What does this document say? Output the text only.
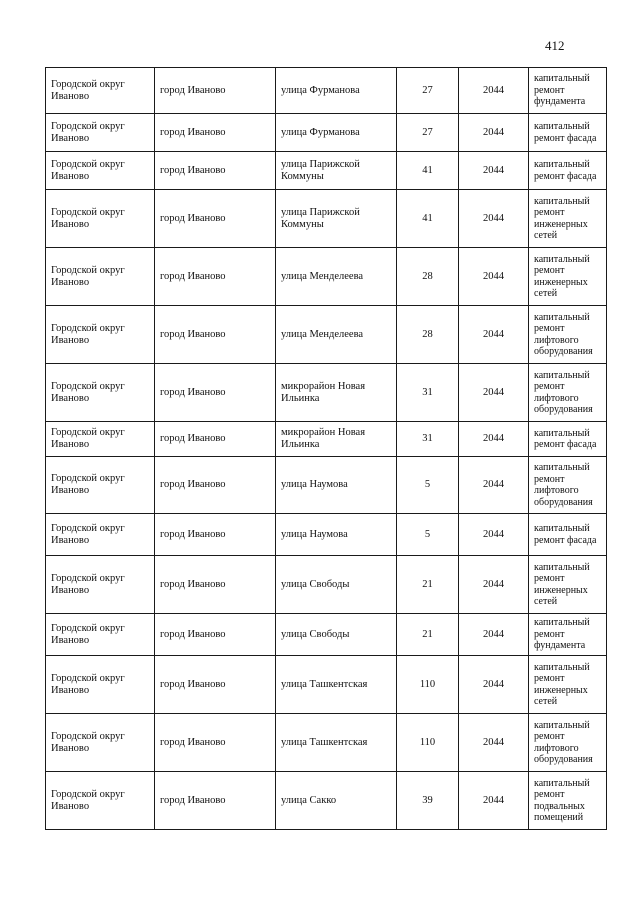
412
Городской округ Иваново	город Иваново	улица Фурманова	27	2044	капитальный ремонт фундамента
Городской округ Иваново	город Иваново	улица Фурманова	27	2044	капитальный ремонт фасада
Городской округ Иваново	город Иваново	улица Парижской Коммуны	41	2044	капитальный ремонт фасада
Городской округ Иваново	город Иваново	улица Парижской Коммуны	41	2044	капитальный ремонт инженерных сетей
Городской округ Иваново	город Иваново	улица Менделеева	28	2044	капитальный ремонт инженерных сетей
Городской округ Иваново	город Иваново	улица Менделеева	28	2044	капитальный ремонт лифтового оборудования
Городской округ Иваново	город Иваново	микрорайон Новая Ильинка	31	2044	капитальный ремонт лифтового оборудования
Городской округ Иваново	город Иваново	микрорайон Новая Ильинка	31	2044	капитальный ремонт фасада
Городской округ Иваново	город Иваново	улица Наумова	5	2044	капитальный ремонт лифтового оборудования
Городской округ Иваново	город Иваново	улица Наумова	5	2044	капитальный ремонт фасада
Городской округ Иваново	город Иваново	улица Свободы	21	2044	капитальный ремонт инженерных сетей
Городской округ Иваново	город Иваново	улица Свободы	21	2044	капитальный ремонт фундамента
Городской округ Иваново	город Иваново	улица Ташкентская	110	2044	капитальный ремонт инженерных сетей
Городской округ Иваново	город Иваново	улица Ташкентская	110	2044	капитальный ремонт лифтового оборудования
Городской округ Иваново	город Иваново	улица Сакко	39	2044	капитальный ремонт подвальных помещений
